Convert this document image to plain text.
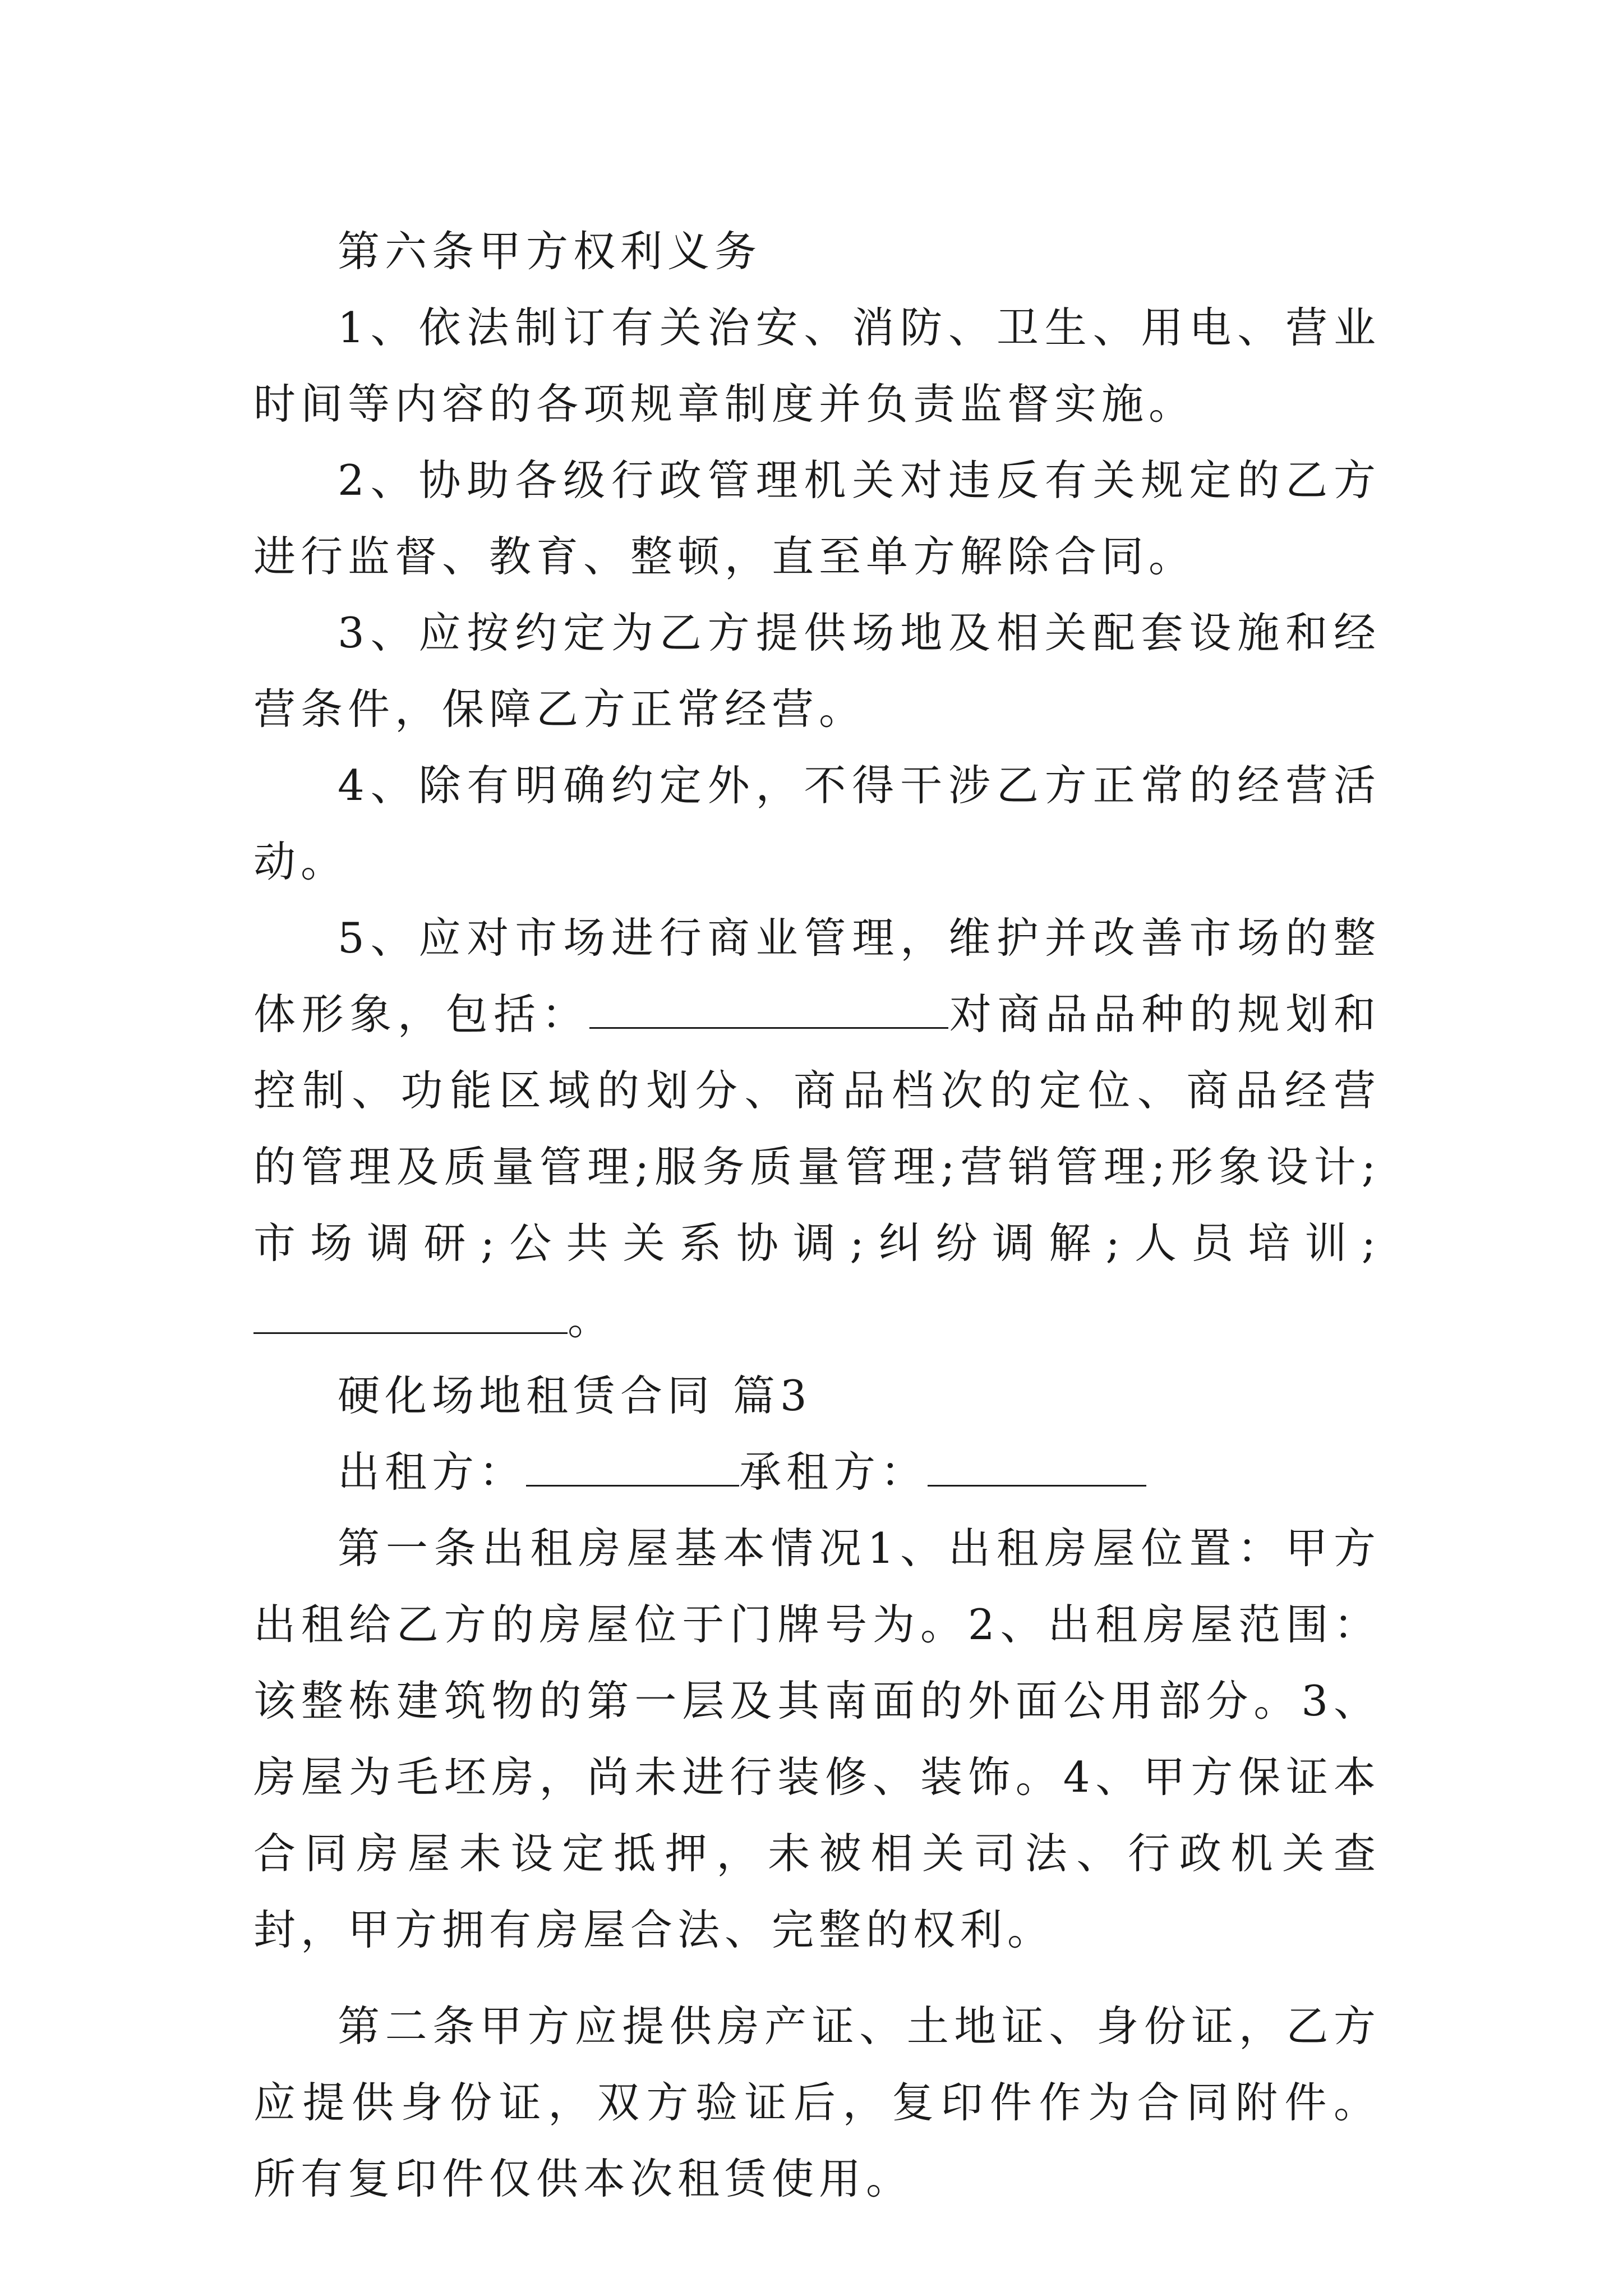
第六条甲方权利义务

1、依法制订有关治安、消防、卫生、用电、营业时间等内容的各项规章制度并负责监督实施。

2、协助各级行政管理机关对违反有关规定的乙方进行监督、教育、整顿，直至单方解除合同。

3、应按约定为乙方提供场地及相关配套设施和经营条件，保障乙方正常经营。

4、除有明确约定外，不得干涉乙方正常的经营活动。

5、应对市场进行商业管理，维护并改善市场的整体形象，包括：	对商品品种的规划和控制、功能区域的划分、商品档次的定位、商品经营的管理及质量管理;服务质量管理;营销管理;形象设计;市场调研;公共关系协调;纠纷调解;人员培训;。

硬化场地租赁合同 篇3

出租方：	承租方：

第一条出租房屋基本情况1、出租房屋位置：甲方出租给乙方的房屋位于门牌号为。2、出租房屋范围：该整栋建筑物的第一层及其南面的外面公用部分。3、房屋为毛坯房，尚未进行装修、装饰。4、甲方保证本合同房屋未设定抵押，未被相关司法、行政机关查封，甲方拥有房屋合法、完整的权利。

第二条甲方应提供房产证、土地证、身份证，乙方应提供身份证，双方验证后，复印件作为合同附件。所有复印件仅供本次租赁使用。
